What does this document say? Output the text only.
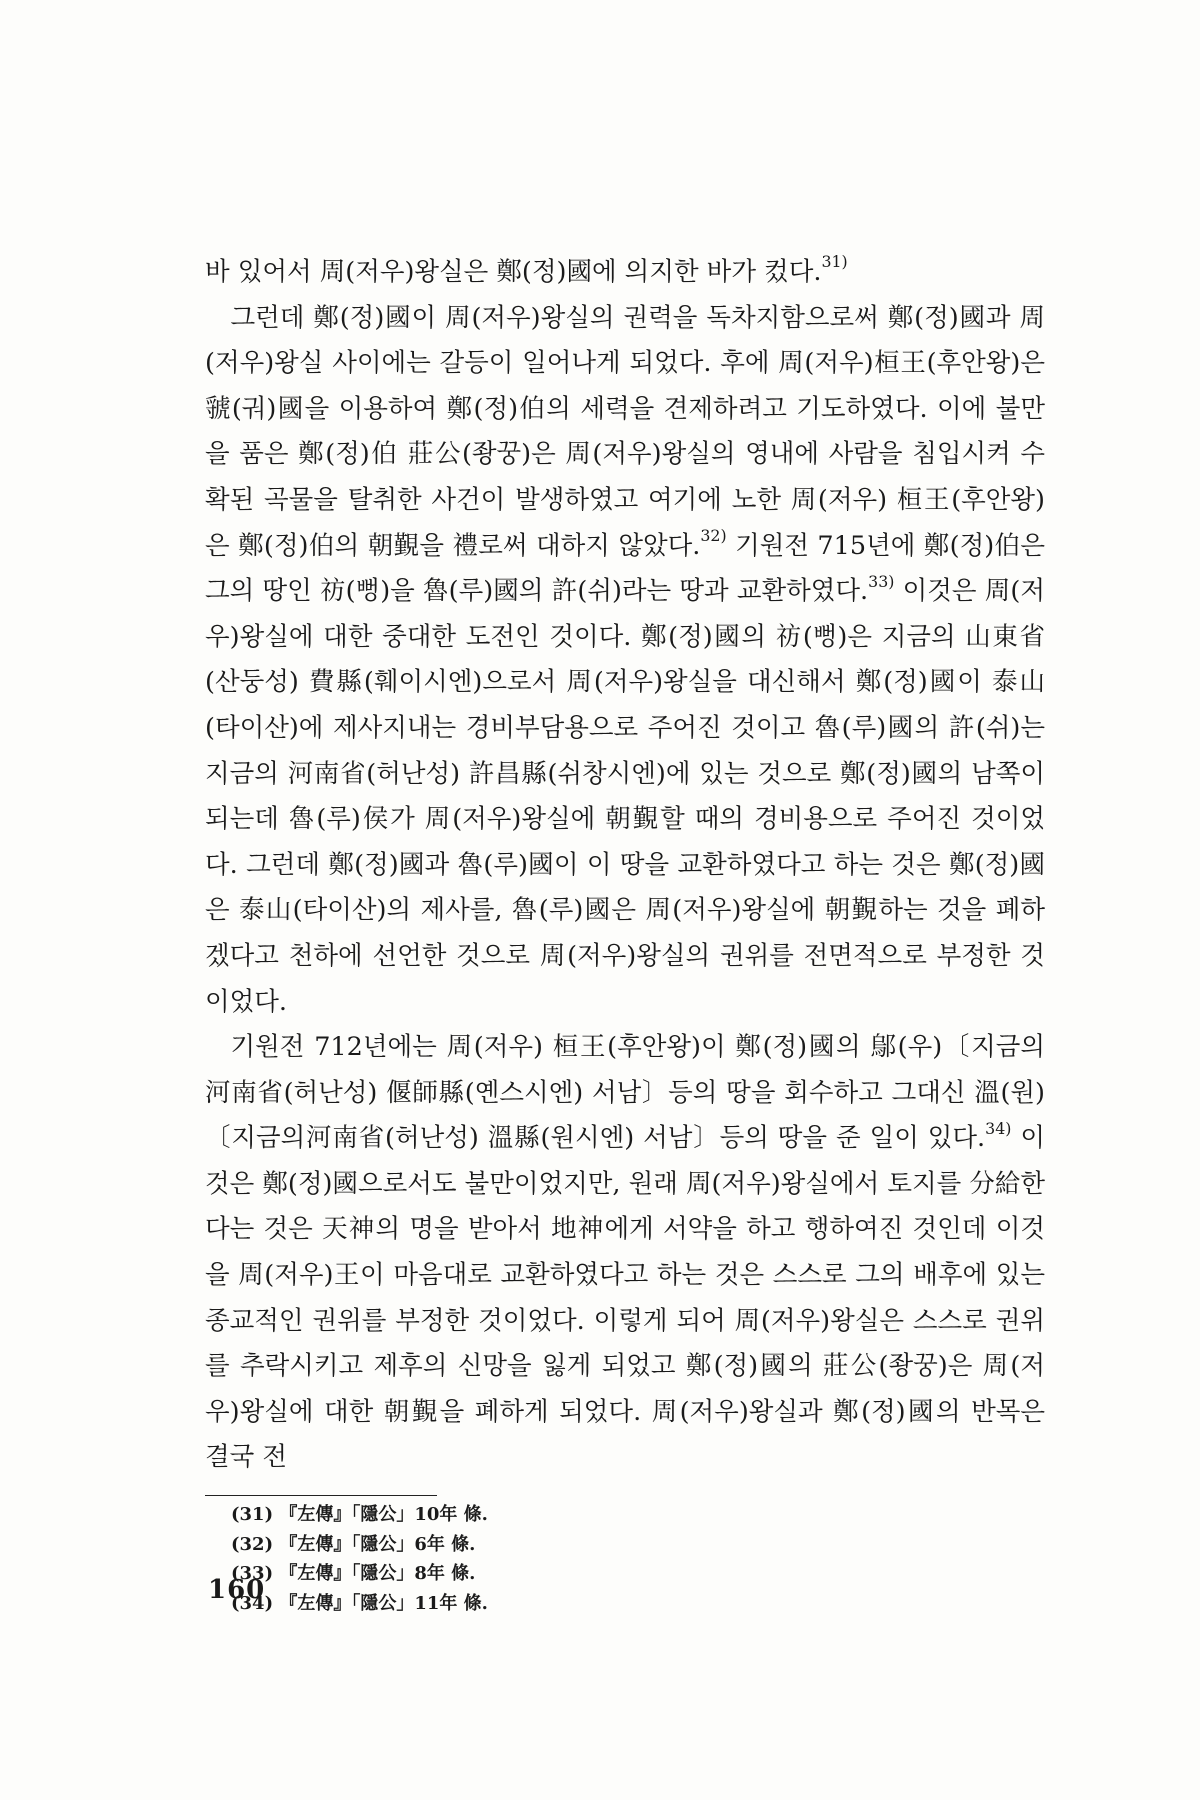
바 있어서 周(저우)왕실은 鄭(정)國에 의지한 바가 컸다.$^{31)}$

그런데 鄭(정)國이 周(저우)왕실의 권력을 독차지함으로써 鄭(정)國과 周(저우)왕실 사이에는 갈등이 일어나게 되었다. 후에 周(저우)桓王(후안왕)은 虢(궈)國을 이용하여 鄭(정)伯의 세력을 견제하려고 기도하였다. 이에 불만을 품은 鄭(정)伯 莊公(좡꿍)은 周(저우)왕실의 영내에 사람을 침입시켜 수확된 곡물을 탈취한 사건이 발생하였고 여기에 노한 周(저우) 桓王(후안왕)은 鄭(정)伯의 朝覲을 禮로써 대하지 않았다.$^{32)}$ 기원전 715년에 鄭(정)伯은 그의 땅인 祊(뻥)을 魯(루)國의 許(쉬)라는 땅과 교환하였다.$^{33)}$ 이것은 周(저우)왕실에 대한 중대한 도전인 것이다. 鄭(정)國의 祊(뻥)은 지금의 山東省(산둥성) 費縣(훼이시엔)으로서 周(저우)왕실을 대신해서 鄭(정)國이 泰山(타이산)에 제사지내는 경비부담용으로 주어진 것이고 魯(루)國의 許(쉬)는 지금의 河南省(허난성) 許昌縣(쉬창시엔)에 있는 것으로 鄭(정)國의 남쪽이 되는데 魯(루)侯가 周(저우)왕실에 朝覲할 때의 경비용으로 주어진 것이었다. 그런데 鄭(정)國과 魯(루)國이 이 땅을 교환하였다고 하는 것은 鄭(정)國은 泰山(타이산)의 제사를, 魯(루)國은 周(저우)왕실에 朝覲하는 것을 폐하겠다고 천하에 선언한 것으로 周(저우)왕실의 권위를 전면적으로 부정한 것이었다.

기원전 712년에는 周(저우) 桓王(후안왕)이 鄭(정)國의 鄔(우)〔지금의 河南省(허난성) 偃師縣(옌스시엔) 서남〕등의 땅을 회수하고 그대신 溫(원)〔지금의河南省(허난성) 溫縣(원시엔) 서남〕등의 땅을 준 일이 있다.$^{34)}$ 이것은 鄭(정)國으로서도 불만이었지만, 원래 周(저우)왕실에서 토지를 分給한다는 것은 天神의 명을 받아서 地神에게 서약을 하고 행하여진 것인데 이것을 周(저우)王이 마음대로 교환하였다고 하는 것은 스스로 그의 배후에 있는 종교적인 권위를 부정한 것이었다. 이렇게 되어 周(저우)왕실은 스스로 권위를 추락시키고 제후의 신망을 잃게 되었고 鄭(정)國의 莊公(좡꿍)은 周(저우)왕실에 대한 朝覲을 폐하게 되었다. 周(저우)왕실과 鄭(정)國의 반목은 결국 전

(31) 『左傳』「隱公」10年 條.
(32) 『左傳』「隱公」6年 條.
(33) 『左傳』「隱公」8年 條.
(34) 『左傳』「隱公」11年 條.
160
